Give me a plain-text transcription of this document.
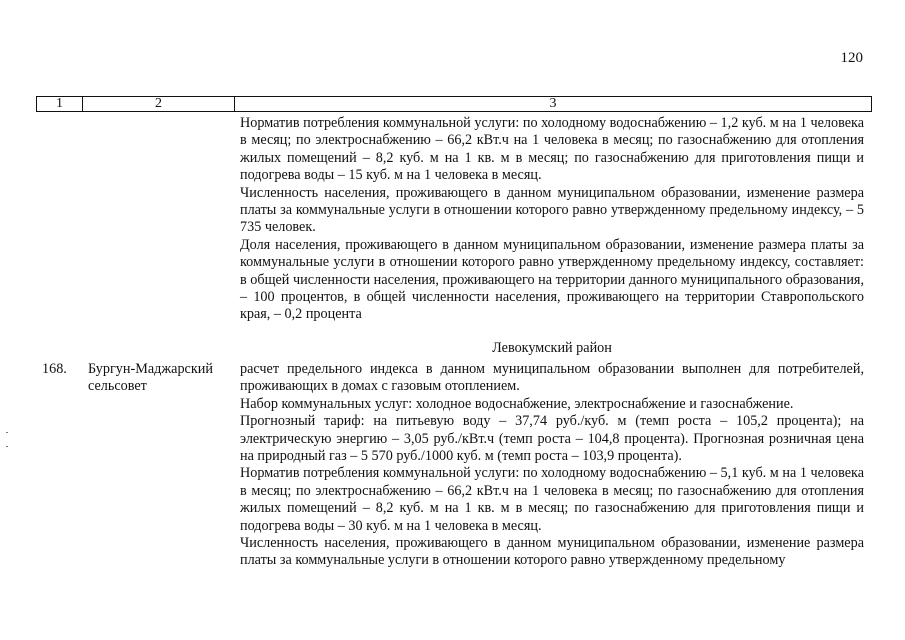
120
1	2	3

Норматив потребления коммунальной услуги: по холодному водоснабжению – 1,2 куб. м на 1 человека в месяц; по электроснабжению – 66,2 кВт.ч на 1 человека в месяц; по газоснабжению для отопления жилых помещений – 8,2 куб. м на 1 кв. м в месяц; по газоснабжению для приготовления пищи и подогрева воды – 15 куб. м на 1 человека в месяц.

Численность населения, проживающего в данном муниципальном образовании, изменение размера платы за коммунальные услуги в отношении которого равно утвержденному предельному индексу, – 5 735 человек.

Доля населения, проживающего в данном муниципальном образовании, изменение размера платы за коммунальные услуги в отношении которого равно утвержденному предельному индексу, составляет: в общей численности населения, проживающего на территории данного муниципального образования, – 100 процентов, в общей численности населения, проживающего на территории Ставропольского края, – 0,2 процента

Левокумский район
168. Бургун-Маджарский сельсовет

расчет предельного индекса в данном муниципальном образовании выполнен для потребителей, проживающих в домах с газовым отоплением.

Набор коммунальных услуг: холодное водоснабжение, электроснабжение и газоснабжение.

Прогнозный тариф: на питьевую воду – 37,74 руб./куб. м (темп роста – 105,2 процента); на электрическую энергию – 3,05 руб./кВт.ч (темп роста – 104,8 процента). Прогнозная розничная цена на природный газ – 5 570 руб./1000 куб. м (темп роста – 103,9 процента).

Норматив потребления коммунальной услуги: по холодному водоснабжению – 5,1 куб. м на 1 человека в месяц; по электроснабжению – 66,2 кВт.ч на 1 человека в месяц; по газоснабжению для отопления жилых помещений – 8,2 куб. м на 1 кв. м в месяц; по газоснабжению для приготовления пищи и подогрева воды – 30 куб. м на 1 человека в месяц.

Численность населения, проживающего в данном муниципальном образовании, изменение размера платы за коммунальные услуги в отношении которого равно утвержденному предельному
